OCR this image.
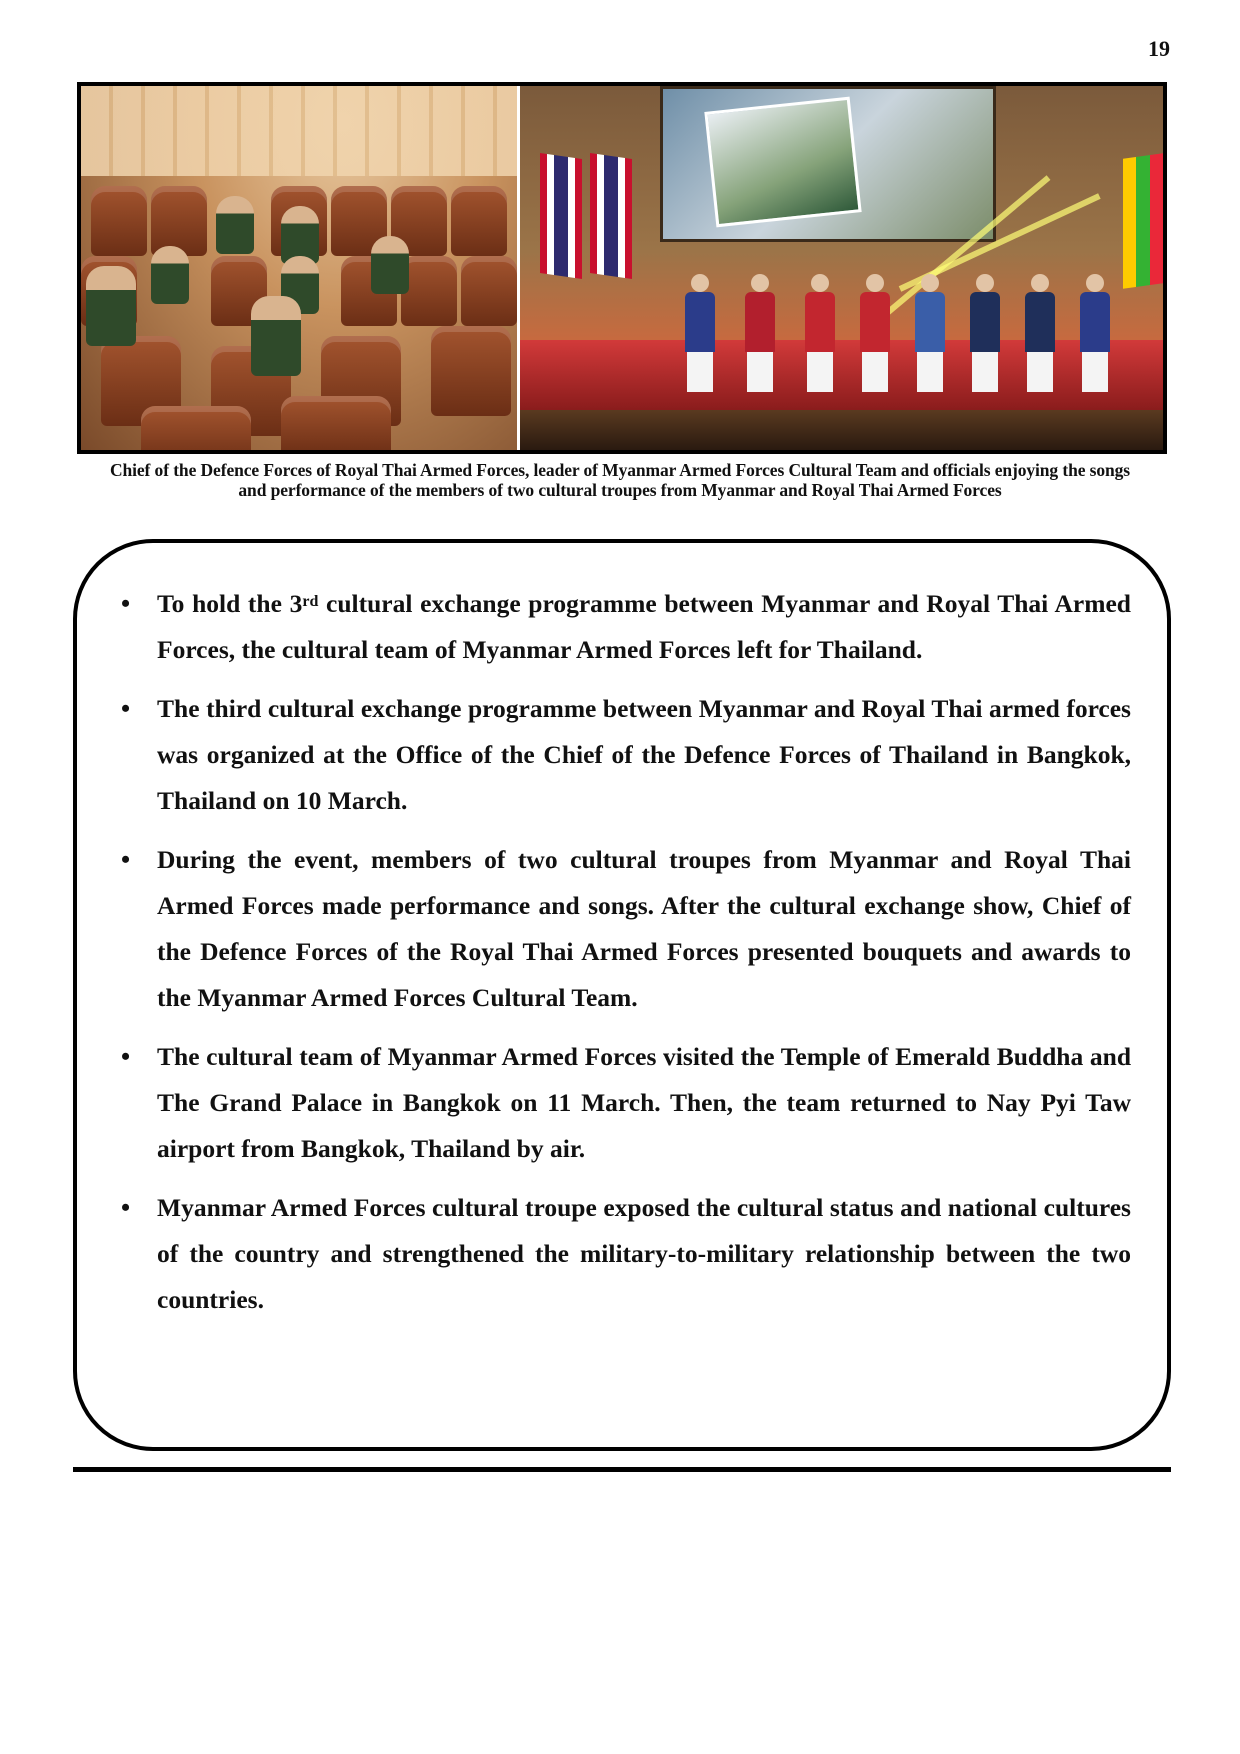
19
Chief of the Defence Forces of Royal Thai Armed Forces, leader of Myanmar Armed Forces Cultural Team and officials enjoying the songs and performance of the members of two cultural troupes from Myanmar and Royal Thai Armed Forces
• To hold the 3rd cultural exchange programme between Myanmar and Royal Thai Armed Forces, the cultural team of Myanmar Armed Forces left for Thailand.
• The third cultural exchange programme between Myanmar and Royal Thai armed forces was organized at the Office of the Chief of the Defence Forces of Thailand in Bangkok, Thailand on 10 March.
• During the event, members of two cultural troupes from Myanmar and Royal Thai Armed Forces made performance and songs. After the cultural exchange show, Chief of the Defence Forces of the Royal Thai Armed Forces presented bouquets and awards to the Myanmar Armed Forces Cultural Team.
• The cultural team of Myanmar Armed Forces visited the Temple of Emerald Buddha and The Grand Palace in Bangkok on 11 March. Then, the team returned to Nay Pyi Taw airport from Bangkok, Thailand by air.
• Myanmar Armed Forces cultural troupe exposed the cultural status and national cultures of the country and strengthened the military-to-military relationship between the two countries.
